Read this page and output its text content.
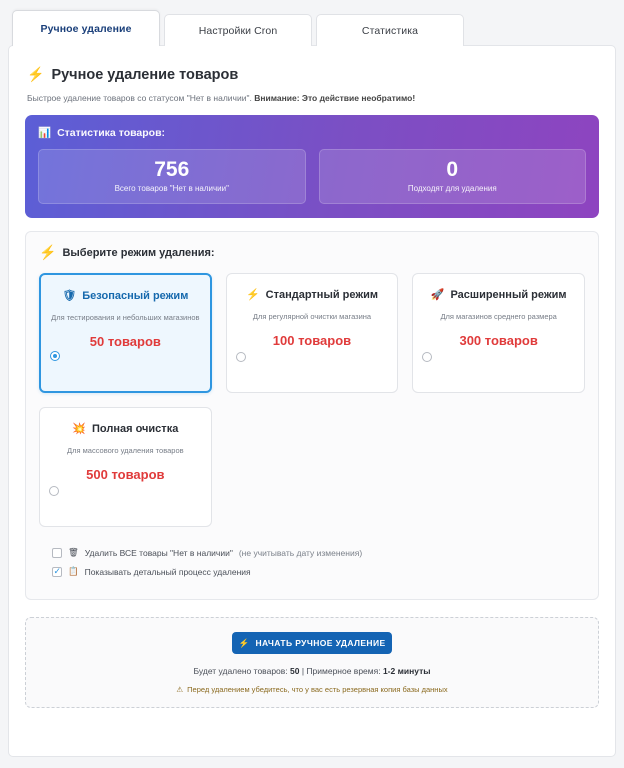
Ручное удаление	Настройки Cron	Статистика
⚡ Ручное удаление товаров
Быстрое удаление товаров со статусом "Нет в наличии". Внимание: Это действие необратимо!
📊 Статистика товаров:
756
Всего товаров "Нет в наличии"
0
Подходят для удаления
⚡ Выберите режим удаления:
🛡 Безопасный режим
Для тестирования и небольших магазинов
50 товаров
⚡ Стандартный режим
Для регулярной очистки магазина
100 товаров
🚀 Расширенный режим
Для магазинов среднего размера
300 товаров
💥 Полная очистка
Для массового удаления товаров
500 товаров
🗑 Удалить ВСЕ товары "Нет в наличии" (не учитывать дату изменения)
✓
📋 Показывать детальный процесс удаления
⚡ НАЧАТЬ РУЧНОЕ УДАЛЕНИЕ
Будет удалено товаров: 50 | Примерное время: 1-2 минуты
⚠ Перед удалением убедитесь, что у вас есть резервная копия базы данных
